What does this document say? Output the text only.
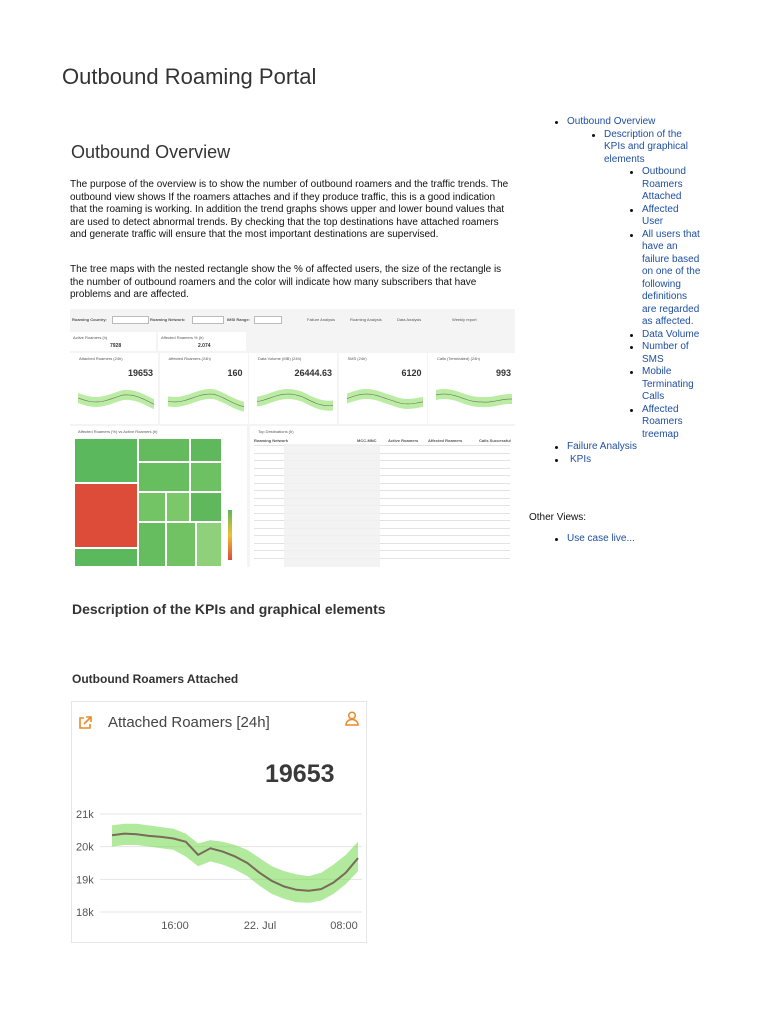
Outbound Roaming Portal
Outbound Overview

The purpose of the overview is to show the number of outbound roamers and the traffic trends. The outbound view shows If the roamers attaches and if they produce traffic, this is a good indication that the roaming is working. In addition the trend graphs shows upper and lower bound values that are used to detect abnormal trends. By checking that the top destinations have attached roamers and generate traffic will ensure that the most important destinations are supervised.

The tree maps with the nested rectangle show the % of affected users, the size of the rectangle is the number of outbound roamers and the color will indicate how many subscribers that have problems and are affected.

Outbound Overview
Description of the KPIs and graphical elements
Outbound Roamers Attached
Affected User
All users that have an failure based on one of the following definitions are regarded as affected.
Data Volume
Number of SMS
Mobile Terminating Calls
Affected Roamers treemap
Failure Analysis
KPIs
Other Views:
Use case live...
Roaming Country:	Roaming Network:	IMSI Range:	Failure Analysis	Roaming Analysis	Data Analysis	Weekly report
Active Roamers (h)
7928
Affected Roamers % (h)
2.074
Affected Roamers (%) vs Active Roamers (h)	Top Destinations (h)
Roaming Network	MCC-MNC	Active Roamers Affected Roamers	Calls Successful
Attached Roamers (24h)
19653
Affected Roamers (24h)
160
Data Volume (MB) (24h)
26444.63
SMS (24h)
6120
Calls (Terminated) (24h)
993
Description of the KPIs and graphical elements
Outbound Roamers Attached
Attached Roamers [24h]
19653
18k
19k
20k
21k
16:00	22. Jul	08:00
